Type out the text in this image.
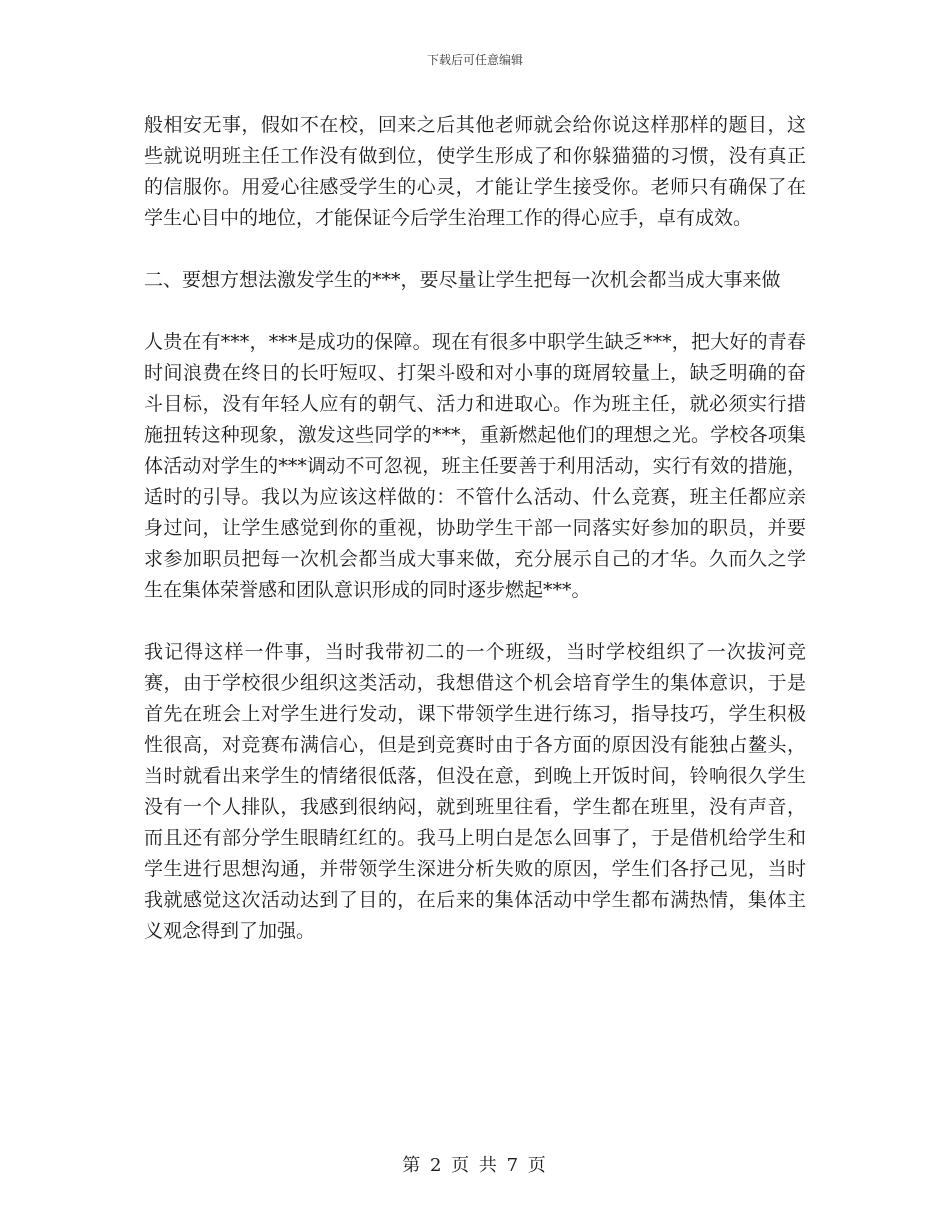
下载后可任意编辑

般相安无事，假如不在校，回来之后其他老师就会给你说这样那样的题目，这些就说明班主任工作没有做到位，使学生形成了和你躲猫猫的习惯，没有真正的信服你。用爱心往感受学生的心灵，才能让学生接受你。老师只有确保了在学生心目中的地位，才能保证今后学生治理工作的得心应手，卓有成效。

二、要想方想法激发学生的***，要尽量让学生把每一次机会都当成大事来做

人贵在有***，***是成功的保障。现在有很多中职学生缺乏***，把大好的青春时间浪费在终日的长吁短叹、打架斗殴和对小事的斑屑较量上，缺乏明确的奋斗目标，没有年轻人应有的朝气、活力和进取心。作为班主任，就必须实行措施扭转这种现象，激发这些同学的***，重新燃起他们的理想之光。学校各项集体活动对学生的***调动不可忽视，班主任要善于利用活动，实行有效的措施，适时的引导。我以为应该这样做的：不管什么活动、什么竞赛，班主任都应亲身过问，让学生感觉到你的重视，协助学生干部一同落实好参加的职员，并要求参加职员把每一次机会都当成大事来做，充分展示自己的才华。久而久之学生在集体荣誉感和团队意识形成的同时逐步燃起***。

我记得这样一件事，当时我带初二的一个班级，当时学校组织了一次拔河竞赛，由于学校很少组织这类活动，我想借这个机会培育学生的集体意识，于是首先在班会上对学生进行发动，课下带领学生进行练习，指导技巧，学生积极性很高，对竞赛布满信心，但是到竞赛时由于各方面的原因没有能独占鳌头，当时就看出来学生的情绪很低落，但没在意，到晚上开饭时间，铃响很久学生没有一个人排队，我感到很纳闷，就到班里往看，学生都在班里，没有声音，而且还有部分学生眼睛红红的。我马上明白是怎么回事了，于是借机给学生和学生进行思想沟通，并带领学生深进分析失败的原因，学生们各抒己见，当时我就感觉这次活动达到了目的，在后来的集体活动中学生都布满热情，集体主义观念得到了加强。

第 2 页 共 7 页
